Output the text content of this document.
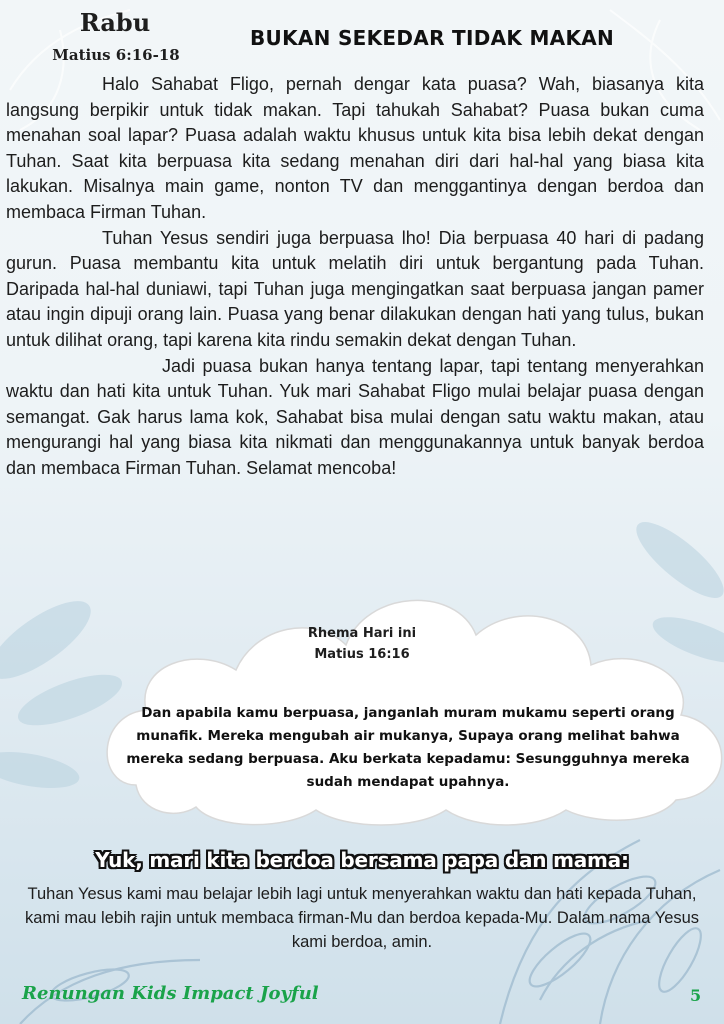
Rabu
Matius 6:16-18
BUKAN SEKEDAR TIDAK MAKAN

Halo Sahabat Fligo, pernah dengar kata puasa? Wah, biasanya kita langsung berpikir untuk tidak makan. Tapi tahukah Sahabat? Puasa bukan cuma menahan soal lapar? Puasa adalah waktu khusus untuk kita bisa lebih dekat dengan Tuhan. Saat kita berpuasa kita sedang menahan diri dari hal-hal yang biasa kita lakukan. Misalnya main game, nonton TV dan menggantinya dengan berdoa dan membaca Firman Tuhan.

Tuhan Yesus sendiri juga berpuasa lho! Dia berpuasa 40 hari di padang gurun. Puasa membantu kita untuk melatih diri untuk bergantung pada Tuhan. Daripada hal-hal duniawi, tapi Tuhan juga mengingatkan saat berpuasa jangan pamer atau ingin dipuji orang lain. Puasa yang benar dilakukan dengan hati yang tulus, bukan untuk dilihat orang, tapi karena kita rindu semakin dekat dengan Tuhan.

Jadi puasa bukan hanya tentang lapar, tapi tentang menyerahkan waktu dan hati kita untuk Tuhan. Yuk mari Sahabat Fligo mulai belajar puasa dengan semangat. Gak harus lama kok, Sahabat bisa mulai dengan satu waktu makan, atau mengurangi hal yang biasa kita nikmati dan menggunakannya untuk banyak berdoa dan membaca Firman Tuhan. Selamat mencoba!

Rhema Hari ini
Matius 16:16
Dan apabila kamu berpuasa, janganlah muram mukamu seperti orang munafik. Mereka mengubah air mukanya, Supaya orang melihat bahwa mereka sedang berpuasa. Aku berkata kepadamu: Sesungguhnya mereka sudah mendapat upahnya.
Yuk, mari kita berdoa bersama papa dan mama:
Tuhan Yesus kami mau belajar lebih lagi untuk menyerahkan waktu dan hati kepada Tuhan, kami mau lebih rajin untuk membaca firman-Mu dan berdoa kepada-Mu. Dalam nama Yesus kami berdoa, amin.
Renungan Kids Impact Joyful	5
